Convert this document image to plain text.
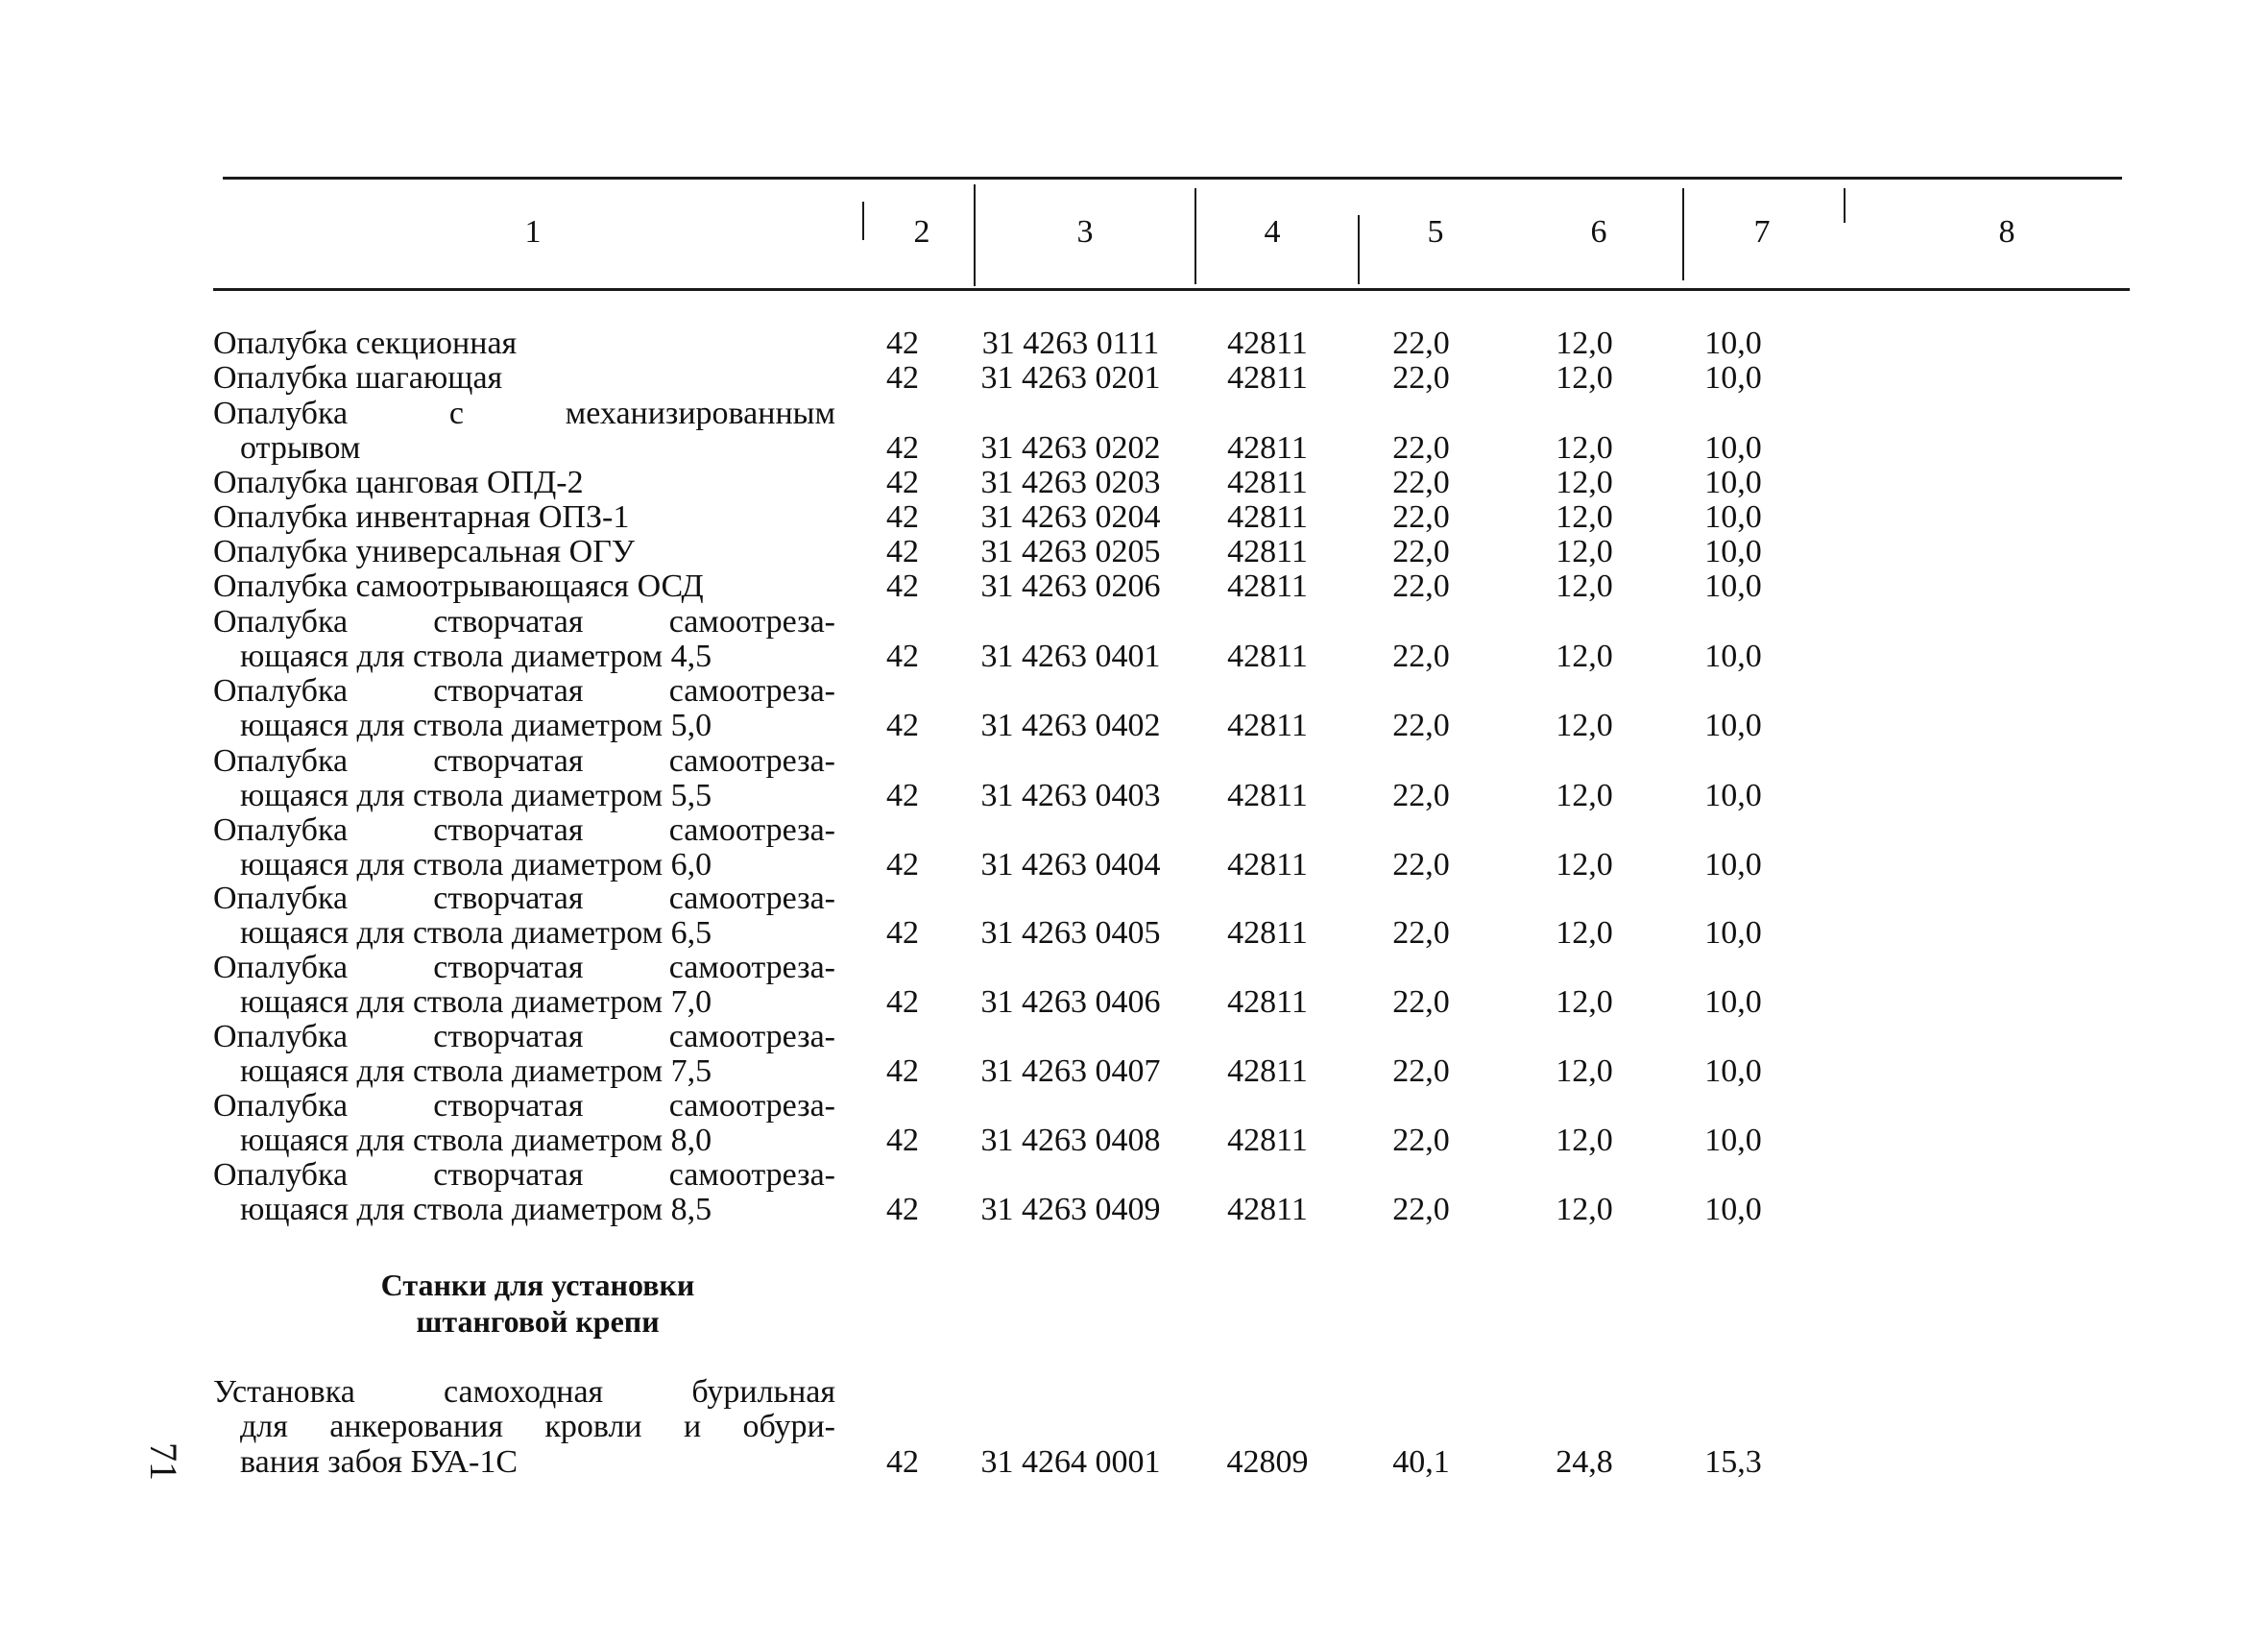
1	2	3	4	5	6	7	8
Опалубка секционная	42	31 4263 0111	42811	22,0	12,0	10,0
Опалубка шагающая	42	31 4263 0201	42811	22,0	12,0	10,0
Опалубка с механизированным
отрывом	42	31 4263 0202	42811	22,0	12,0	10,0
Опалубка цанговая ОПД-2	42	31 4263 0203	42811	22,0	12,0	10,0
Опалубка инвентарная ОПЗ-1	42	31 4263 0204	42811	22,0	12,0	10,0
Опалубка универсальная ОГУ	42	31 4263 0205	42811	22,0	12,0	10,0
Опалубка самоотрывающаяся ОСД	42	31 4263 0206	42811	22,0	12,0	10,0
Опалубка створчатая самоотреза-
ющаяся для ствола диаметром 4,5	42	31 4263 0401	42811	22,0	12,0	10,0
Опалубка створчатая самоотреза-
ющаяся для ствола диаметром 5,0	42	31 4263 0402	42811	22,0	12,0	10,0
Опалубка створчатая самоотреза-
ющаяся для ствола диаметром 5,5	42	31 4263 0403	42811	22,0	12,0	10,0
Опалубка створчатая самоотреза-
ющаяся для ствола диаметром 6,0	42	31 4263 0404	42811	22,0	12,0	10,0
Опалубка створчатая самоотреза-
ющаяся для ствола диаметром 6,5	42	31 4263 0405	42811	22,0	12,0	10,0
Опалубка створчатая самоотреза-
ющаяся для ствола диаметром 7,0	42	31 4263 0406	42811	22,0	12,0	10,0
Опалубка створчатая самоотреза-
ющаяся для ствола диаметром 7,5	42	31 4263 0407	42811	22,0	12,0	10,0
Опалубка створчатая самоотреза-
ющаяся для ствола диаметром 8,0	42	31 4263 0408	42811	22,0	12,0	10,0
Опалубка створчатая самоотреза-
ющаяся для ствола диаметром 8,5	42	31 4263 0409	42811	22,0	12,0	10,0
Станки для установки
штанговой крепи
Установка самоходная бурильная
для анкерования кровли и обури-
вания забоя БУА-1С	42	31 4264 0001	42809	40,1	24,8	15,3
71
